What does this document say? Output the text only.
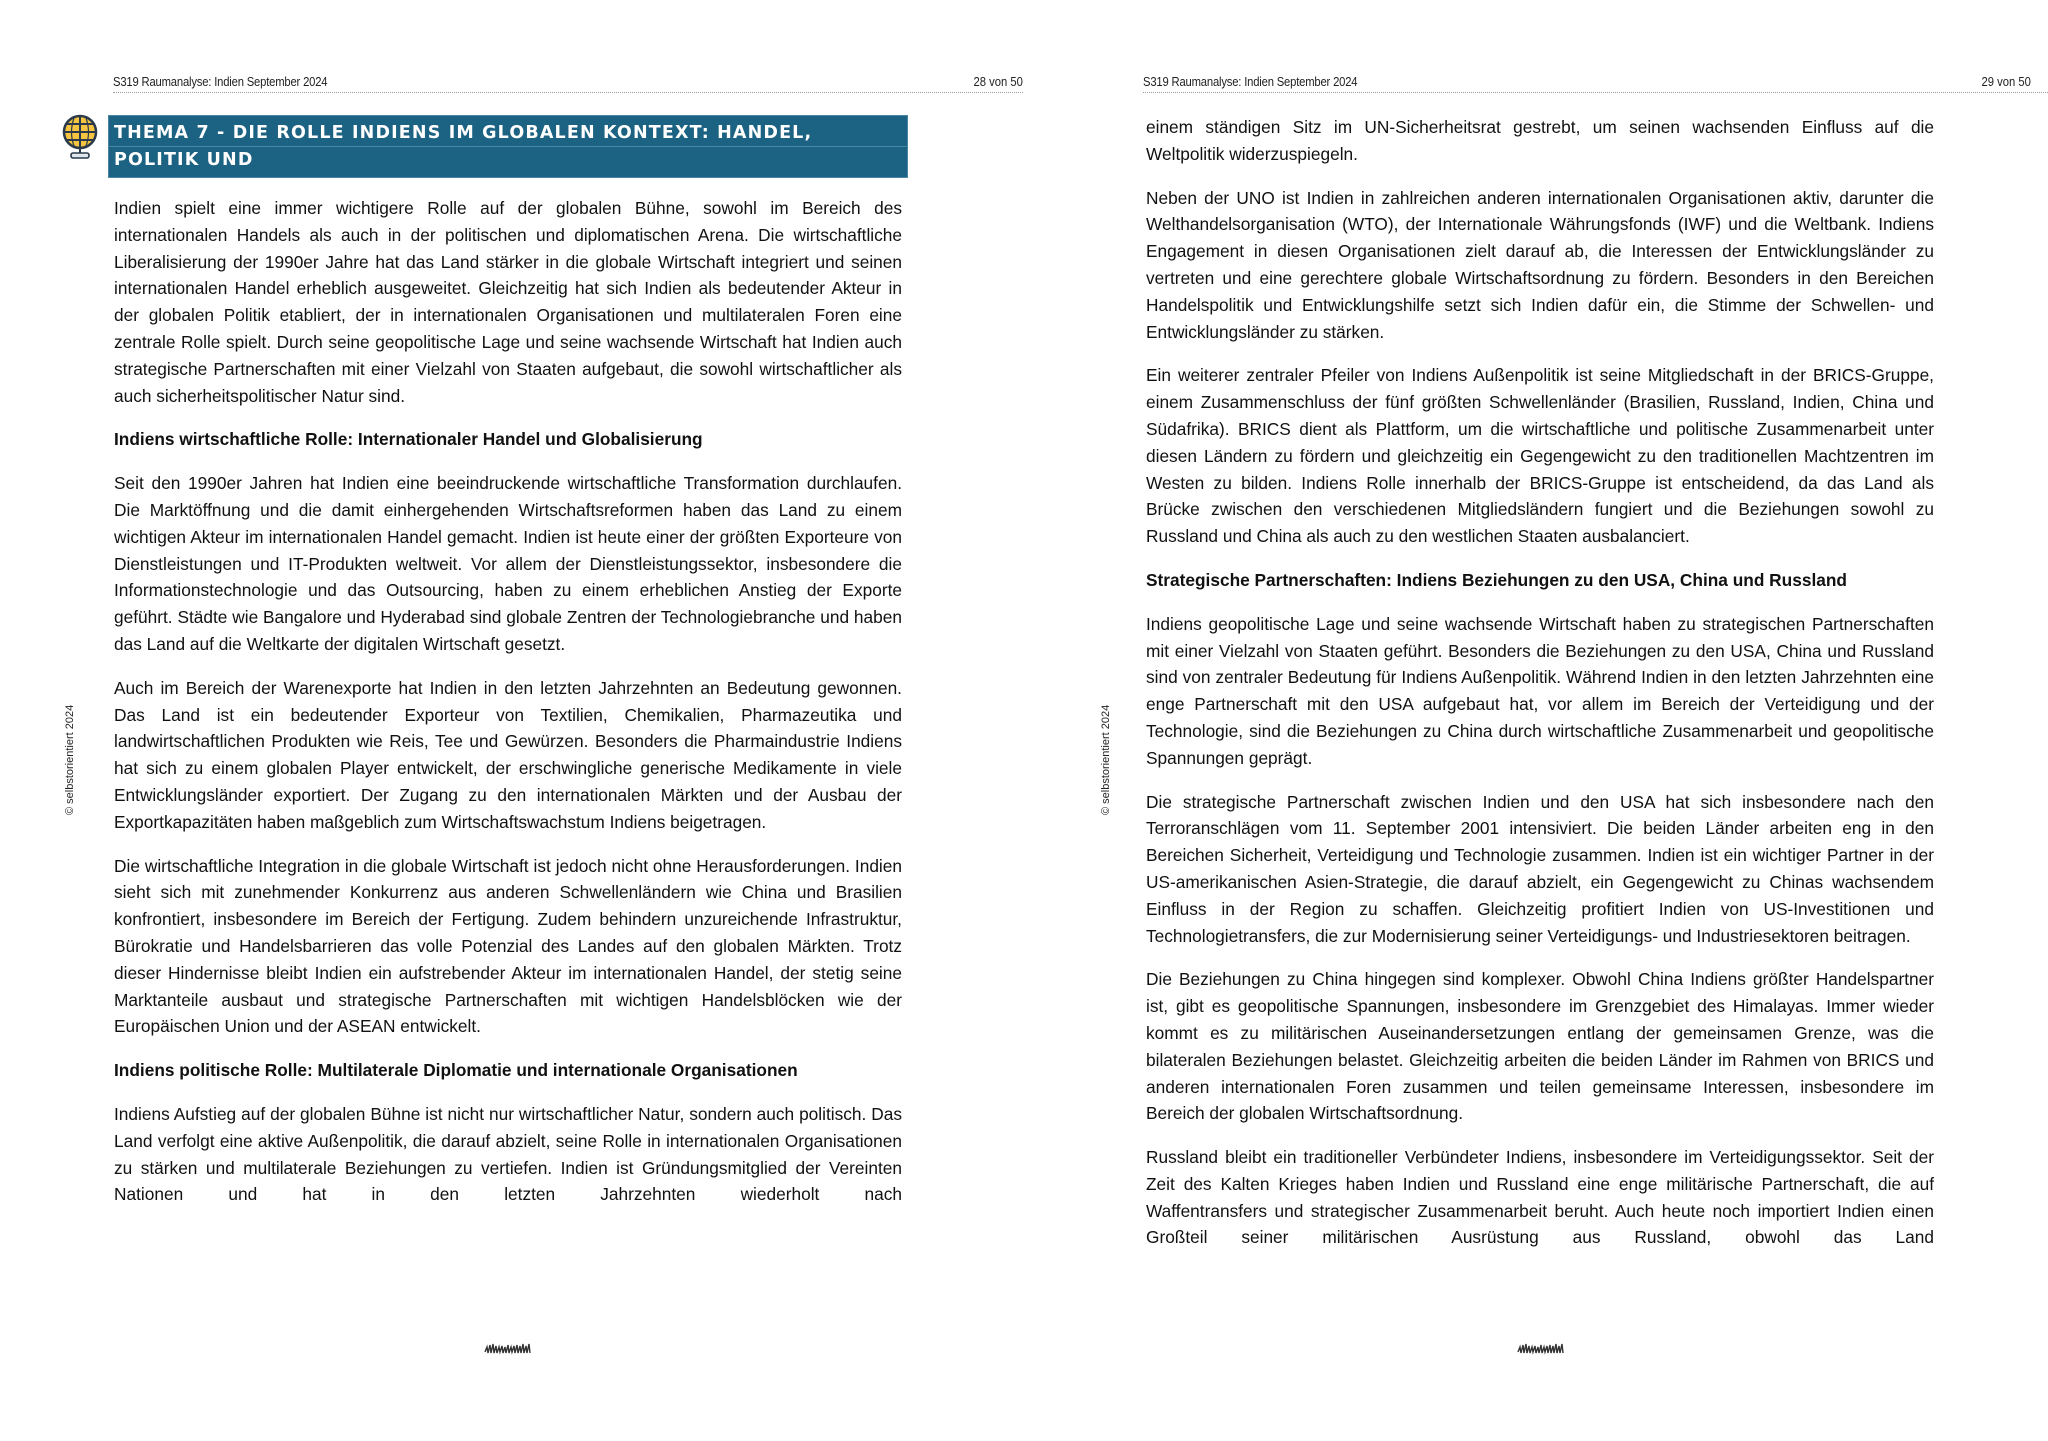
S319 Raumanalyse: Indien September 2024	28 von 50
THEMA 7 - DIE ROLLE INDIENS IM GLOBALEN KONTEXT: HANDEL, POLITIK UND
INTERNATIONALE BEZIEHUNGEN

Indien spielt eine immer wichtigere Rolle auf der globalen Bühne, sowohl im Bereich des internationalen Handels als auch in der politischen und diplomatischen Arena. Die wirtschaftliche Liberalisierung der 1990er Jahre hat das Land stärker in die globale Wirtschaft integriert und seinen internationalen Handel erheblich ausgeweitet. Gleichzeitig hat sich Indien als bedeutender Akteur in der globalen Politik etabliert, der in internationalen Organisationen und multilateralen Foren eine zentrale Rolle spielt. Durch seine geopolitische Lage und seine wachsende Wirtschaft hat Indien auch strategische Partnerschaften mit einer Vielzahl von Staaten aufgebaut, die sowohl wirtschaftlicher als auch sicherheitspolitischer Natur sind.

Indiens wirtschaftliche Rolle: Internationaler Handel und Globalisierung

Seit den 1990er Jahren hat Indien eine beeindruckende wirtschaftliche Transformation durchlaufen. Die Marktöffnung und die damit einhergehenden Wirtschaftsreformen haben das Land zu einem wichtigen Akteur im internationalen Handel gemacht. Indien ist heute einer der größten Exporteure von Dienstleistungen und IT-Produkten weltweit. Vor allem der Dienstleistungssektor, insbesondere die Informationstechnologie und das Outsourcing, haben zu einem erheblichen Anstieg der Exporte geführt. Städte wie Bangalore und Hyderabad sind globale Zentren der Technologiebranche und haben das Land auf die Weltkarte der digitalen Wirtschaft gesetzt.

Auch im Bereich der Warenexporte hat Indien in den letzten Jahrzehnten an Bedeutung gewonnen. Das Land ist ein bedeutender Exporteur von Textilien, Chemikalien, Pharmazeutika und landwirtschaftlichen Produkten wie Reis, Tee und Gewürzen. Besonders die Pharmaindustrie Indiens hat sich zu einem globalen Player entwickelt, der erschwingliche generische Medikamente in viele Entwicklungsländer exportiert. Der Zugang zu den internationalen Märkten und der Ausbau der Exportkapazitäten haben maßgeblich zum Wirtschaftswachstum Indiens beigetragen.

Die wirtschaftliche Integration in die globale Wirtschaft ist jedoch nicht ohne Herausforderungen. Indien sieht sich mit zunehmender Konkurrenz aus anderen Schwellenländern wie China und Brasilien konfrontiert, insbesondere im Bereich der Fertigung. Zudem behindern unzureichende Infrastruktur, Bürokratie und Handelsbarrieren das volle Potenzial des Landes auf den globalen Märkten. Trotz dieser Hindernisse bleibt Indien ein aufstrebender Akteur im internationalen Handel, der stetig seine Marktanteile ausbaut und strategische Partnerschaften mit wichtigen Handelsblöcken wie der Europäischen Union und der ASEAN entwickelt.

Indiens politische Rolle: Multilaterale Diplomatie und internationale Organisationen

Indiens Aufstieg auf der globalen Bühne ist nicht nur wirtschaftlicher Natur, sondern auch politisch. Das Land verfolgt eine aktive Außenpolitik, die darauf abzielt, seine Rolle in internationalen Organisationen zu stärken und multilaterale Beziehungen zu vertiefen. Indien ist Gründungsmitglied der Vereinten Nationen und hat in den letzten Jahrzehnten wiederholt nach

© selbstorientiert 2024
S319 Raumanalyse: Indien September 2024	29 von 50

einem ständigen Sitz im UN-Sicherheitsrat gestrebt, um seinen wachsenden Einfluss auf die Weltpolitik widerzuspiegeln.

Neben der UNO ist Indien in zahlreichen anderen internationalen Organisationen aktiv, darunter die Welthandelsorganisation (WTO), der Internationale Währungsfonds (IWF) und die Weltbank. Indiens Engagement in diesen Organisationen zielt darauf ab, die Interessen der Entwicklungsländer zu vertreten und eine gerechtere globale Wirtschaftsordnung zu fördern. Besonders in den Bereichen Handelspolitik und Entwicklungshilfe setzt sich Indien dafür ein, die Stimme der Schwellen- und Entwicklungsländer zu stärken.

Ein weiterer zentraler Pfeiler von Indiens Außenpolitik ist seine Mitgliedschaft in der BRICS-Gruppe, einem Zusammenschluss der fünf größten Schwellenländer (Brasilien, Russland, Indien, China und Südafrika). BRICS dient als Plattform, um die wirtschaftliche und politische Zusammenarbeit unter diesen Ländern zu fördern und gleichzeitig ein Gegengewicht zu den traditionellen Machtzentren im Westen zu bilden. Indiens Rolle innerhalb der BRICS-Gruppe ist entscheidend, da das Land als Brücke zwischen den verschiedenen Mitgliedsländern fungiert und die Beziehungen sowohl zu Russland und China als auch zu den westlichen Staaten ausbalanciert.

Strategische Partnerschaften: Indiens Beziehungen zu den USA, China und Russland

Indiens geopolitische Lage und seine wachsende Wirtschaft haben zu strategischen Partnerschaften mit einer Vielzahl von Staaten geführt. Besonders die Beziehungen zu den USA, China und Russland sind von zentraler Bedeutung für Indiens Außenpolitik. Während Indien in den letzten Jahrzehnten eine enge Partnerschaft mit den USA aufgebaut hat, vor allem im Bereich der Verteidigung und der Technologie, sind die Beziehungen zu China durch wirtschaftliche Zusammenarbeit und geopolitische Spannungen geprägt.

Die strategische Partnerschaft zwischen Indien und den USA hat sich insbesondere nach den Terroranschlägen vom 11. September 2001 intensiviert. Die beiden Länder arbeiten eng in den Bereichen Sicherheit, Verteidigung und Technologie zusammen. Indien ist ein wichtiger Partner in der US-amerikanischen Asien-Strategie, die darauf abzielt, ein Gegengewicht zu Chinas wachsendem Einfluss in der Region zu schaffen. Gleichzeitig profitiert Indien von US-Investitionen und Technologietransfers, die zur Modernisierung seiner Verteidigungs- und Industriesektoren beitragen.

Die Beziehungen zu China hingegen sind komplexer. Obwohl China Indiens größter Handelspartner ist, gibt es geopolitische Spannungen, insbesondere im Grenzgebiet des Himalayas. Immer wieder kommt es zu militärischen Auseinandersetzungen entlang der gemeinsamen Grenze, was die bilateralen Beziehungen belastet. Gleichzeitig arbeiten die beiden Länder im Rahmen von BRICS und anderen internationalen Foren zusammen und teilen gemeinsame Interessen, insbesondere im Bereich der globalen Wirtschaftsordnung.

Russland bleibt ein traditioneller Verbündeter Indiens, insbesondere im Verteidigungssektor. Seit der Zeit des Kalten Krieges haben Indien und Russland eine enge militärische Partnerschaft, die auf Waffentransfers und strategischer Zusammenarbeit beruht. Auch heute noch importiert Indien einen Großteil seiner militärischen Ausrüstung aus Russland, obwohl das Land

© selbstorientiert 2024
